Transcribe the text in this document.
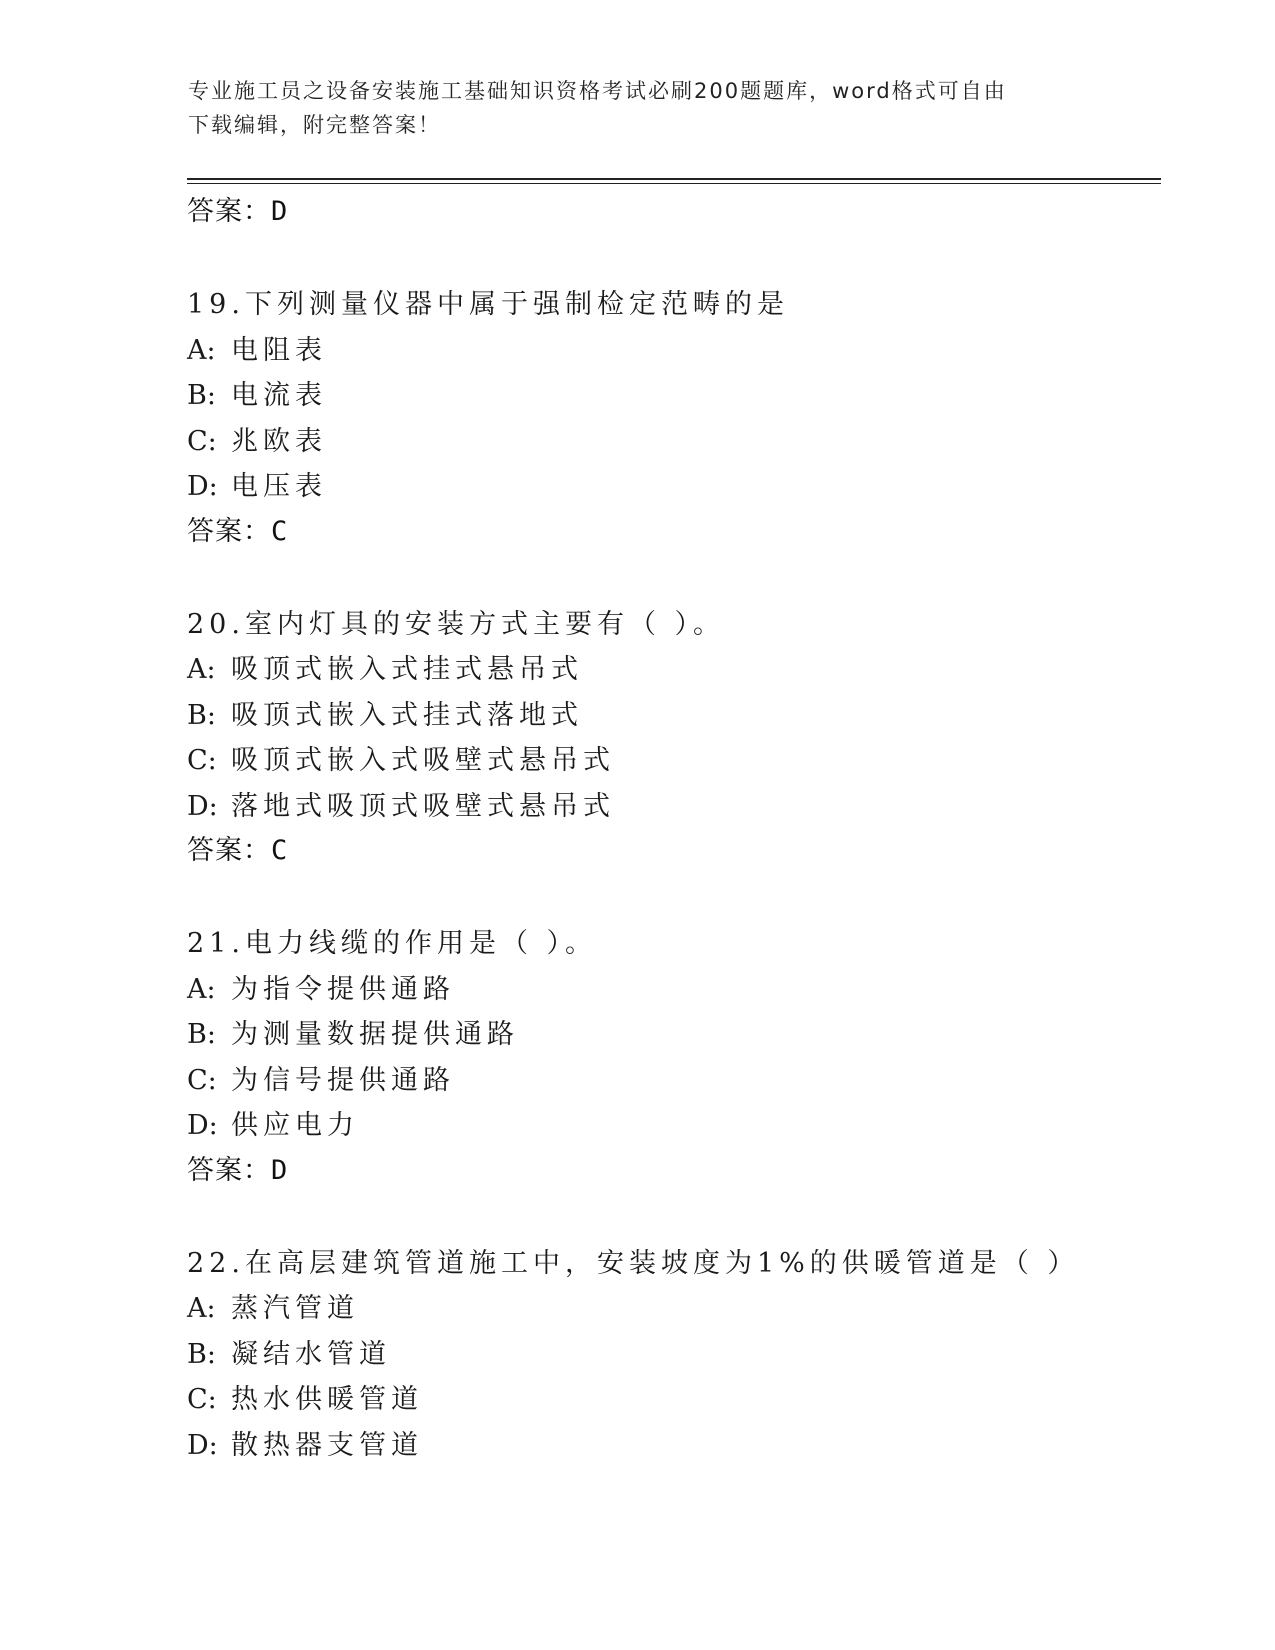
专业施工员之设备安装施工基础知识资格考试必刷200题题库，word格式可自由
下载编辑，附完整答案！
答案：D
19.下列测量仪器中属于强制检定范畴的是
A: 电阻表
B: 电流表
C: 兆欧表
D: 电压表
答案：C
20.室内灯具的安装方式主要有（ ）。
A: 吸顶式嵌入式挂式悬吊式
B: 吸顶式嵌入式挂式落地式
C: 吸顶式嵌入式吸壁式悬吊式
D: 落地式吸顶式吸壁式悬吊式
答案：C
21.电力线缆的作用是（ ）。
A: 为指令提供通路
B: 为测量数据提供通路
C: 为信号提供通路
D: 供应电力
答案：D
22.在高层建筑管道施工中，安装坡度为1%的供暖管道是（ ）
A: 蒸汽管道
B: 凝结水管道
C: 热水供暖管道
D: 散热器支管道
